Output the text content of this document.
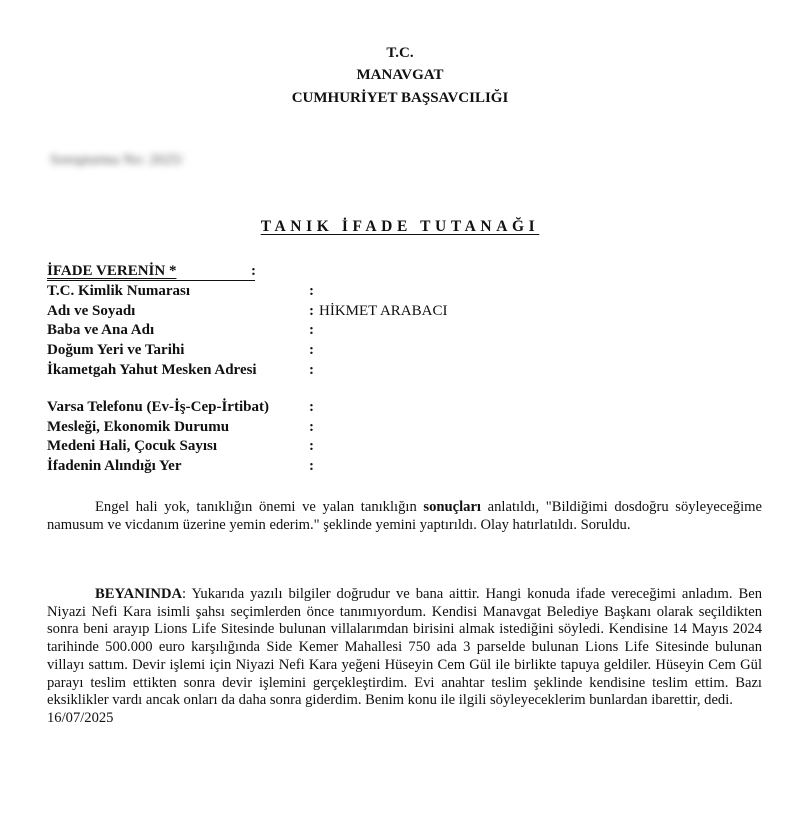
T.C.
MANAVGAT
CUMHURİYET BAŞSAVCILIĞI
Soruşturma No: 2025/
TANIK İFADE TUTANAĞI
İFADE VERENİN *	:
T.C. Kimlik Numarası	:
Adı ve Soyadı	: HİKMET ARABACI
Baba ve Ana Adı	:
Doğum Yeri ve Tarihi	:
İkametgah Yahut Mesken Adresi	:
Varsa Telefonu (Ev-İş-Cep-İrtibat)	:
Mesleği, Ekonomik Durumu	:
Medeni Hali, Çocuk Sayısı	:
İfadenin Alındığı Yer	:

Engel hali yok, tanıklığın önemi ve yalan tanıklığın sonuçları anlatıldı, "Bildiğimi dosdoğru söyleyeceğime namusum ve vicdanım üzerine yemin ederim." şeklinde yemini yaptırıldı. Olay hatırlatıldı. Soruldu.

BEYANINDA: Yukarıda yazılı bilgiler doğrudur ve bana aittir. Hangi konuda ifade vereceğimi anladım. Ben Niyazi Nefi Kara isimli şahsı seçimlerden önce tanımıyordum. Kendisi Manavgat Belediye Başkanı olarak seçildikten sonra beni arayıp Lions Life Sitesinde bulunan villalarımdan birisini almak istediğini söyledi. Kendisine 14 Mayıs 2024 tarihinde 500.000 euro karşılığında Side Kemer Mahallesi 750 ada 3 parselde bulunan Lions Life Sitesinde bulunan villayı sattım. Devir işlemi için Niyazi Nefi Kara yeğeni Hüseyin Cem Gül ile birlikte tapuya geldiler. Hüseyin Cem Gül parayı teslim ettikten sonra devir işlemini gerçekleştirdim. Evi anahtar teslim şeklinde kendisine teslim ettim. Bazı eksiklikler vardı ancak onları da daha sonra giderdim. Benim konu ile ilgili söyleyeceklerim bunlardan ibarettir, dedi.
16/07/2025
